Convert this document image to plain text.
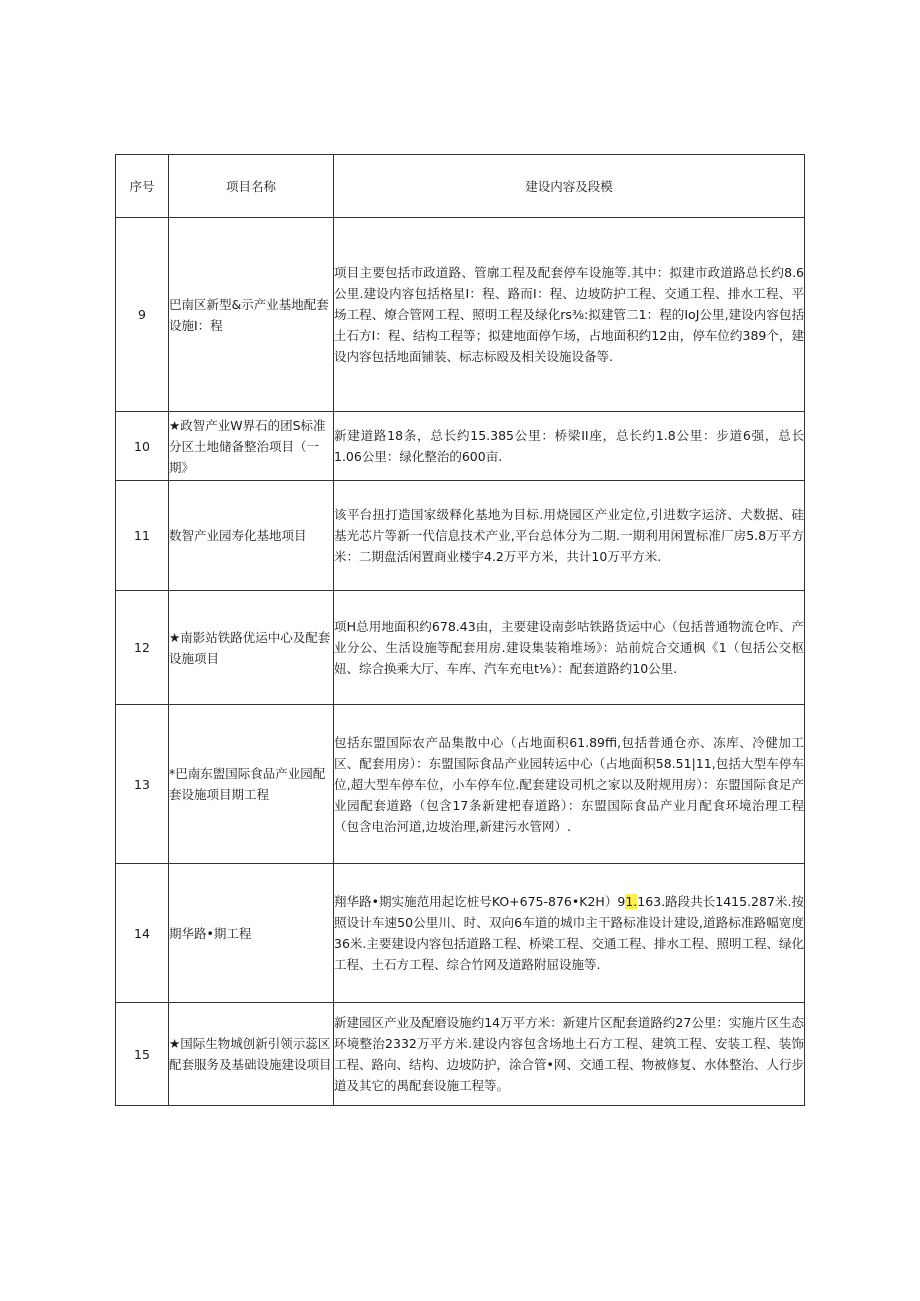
序号	项目名称	建设内容及段模
9	巴南区新型&示产业基地配套设施I：程	项目主要包括市政道路、管廓工程及配套停车设施等.其中：拟建市政道路总长约8.6公里.建设内容包括格星I：程、路而I：程、边坡防护工程、交通工程、排水工程、平场工程、燎合管网工程、照明工程及绿化rs⅜:拟建管二1：程的IoJ公里,建设内容包括土石方I：程、结构工程等；拟建地面停乍场，占地面积约12由，停车位约389个，建设内容包括地面铺装、标志标殴及相关设施设备等.
10	★政智产业W界石的团S标准分区土地储备整治项目（一期》	新建道路18条，总长约15.385公里：桥梁II座，总长约1.8公里：步道6强，总长1.06公里：绿化整治的600亩.
11	数智产业园寿化基地项目	该平台扭打造国家级释化基地为目标.用烧园区产业定位,引进数字运济、犬数据、硅基光芯片等新一代信息技术产业,平台总体分为二期.一期利用闲置标准厂房5.8万平方米：二期盘活闲置商业楼宇4.2万平方米，共计10万平方米.
12	★南影站铁路优运中心及配套设施项目	项H总用地面积约678.43由，主要建设南彭咕铁路货运中心（包括普通物流仓咋、产业分公、生活设施等配套用房.建设集装箱堆场》：站前烷合交通枫《1（包括公交枢妞、综合换乘大厅、车库、汽车充电t⅛）：配套道路约10公里.
13	*巴南东盥国际食品产业园配套设施项目期工程	包括东盟国际农产品集散中心（占地面积61.89ffi,包括普通仓亦、冻库、冷健加工区、配套用房）：东盟国际食品产业园转运中心（占地面积58.51|11,包括大型车停车位,超大型车停车位，小车停车位.配套建设司机之家以及附规用房）：东盟国际食足产业园配套道路（包含17条新建杷春道路）：东盟国际食品产业月配食环境治理工程（包含电治河道,边坡治理,新建污水管网）.
14	期华路•期工程	翔华路•期实施范用起讫桩号KO+675-876•K2H）91.163.路段共长1415.287米.按照设计车速50公里川、时、双向6车道的城巾主干路标准设计建设,道路标准路幅宽度36米.主要建设内容包括道路工程、桥梁工程、交通工程、排水工程、照明工程、绿化工程、土石方工程、综合竹网及道路附屈设施等.
15	★国际生物城创新引领示蕊区配套服务及基础设施建设项目	新建园区产业及配磨设施约14万平方米：新建片区配套道路约27公里：实施片区生态环境整治2332万平方米.建设内容包含场地土石方工程、建筑工程、安装工程、装饰工程、路向、结构、边坡防护，涂合管•网、交通工程、物被修复、水体整治、人行步道及其它的禺配套设施工程等。
